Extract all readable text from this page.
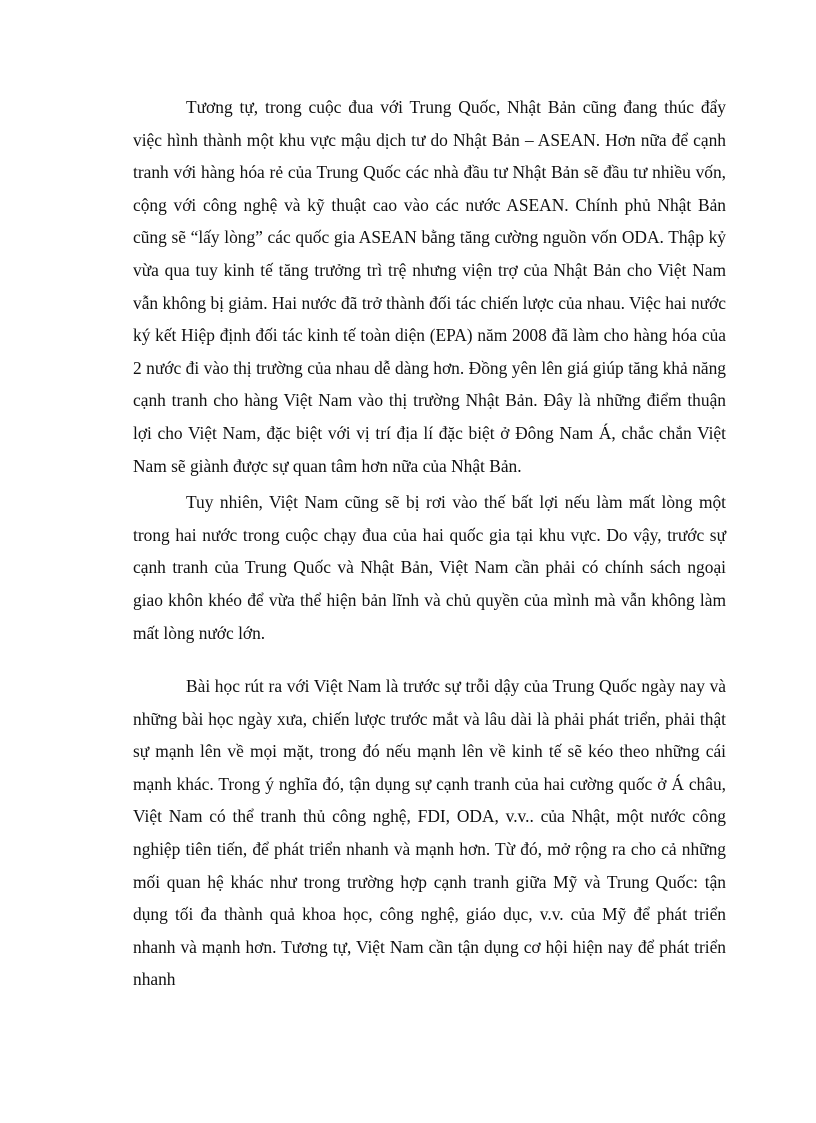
Tương tự, trong cuộc đua với Trung Quốc, Nhật Bản cũng đang thúc đẩy việc hình thành một khu vực mậu dịch tư do Nhật Bản – ASEAN. Hơn nữa để cạnh tranh với hàng hóa rẻ của Trung Quốc các nhà đầu tư Nhật Bản sẽ đầu tư nhiều vốn, cộng với công nghệ và kỹ thuật cao vào các nước ASEAN. Chính phủ Nhật Bản cũng sẽ “lấy lòng” các quốc gia ASEAN bằng tăng cường nguồn vốn ODA. Thập kỷ vừa qua tuy kinh tế tăng trưởng trì trệ nhưng viện trợ của Nhật Bản cho Việt Nam vẫn không bị giảm. Hai nước đã trở thành đối tác chiến lược của nhau. Việc hai nước ký kết Hiệp định đối tác kinh tế toàn diện (EPA) năm 2008 đã làm cho hàng hóa của 2 nước đi vào thị trường của nhau dễ dàng hơn. Đồng yên lên giá giúp tăng khả năng cạnh tranh cho hàng Việt Nam vào thị trường Nhật Bản. Đây là những điểm thuận lợi cho Việt Nam, đặc biệt với vị trí địa lí đặc biệt ở Đông Nam Á, chắc chắn Việt Nam sẽ giành được sự quan tâm hơn nữa của Nhật Bản.

Tuy nhiên, Việt Nam cũng sẽ bị rơi vào thế bất lợi nếu làm mất lòng một trong hai nước trong cuộc chạy đua của hai quốc gia tại khu vực. Do vậy, trước sự cạnh tranh của Trung Quốc và Nhật Bản, Việt Nam cần phải có chính sách ngoại giao khôn khéo để vừa thể hiện bản lĩnh và chủ quyền của mình mà vẫn không làm mất lòng nước lớn.

Bài học rút ra với Việt Nam là trước sự trỗi dậy của Trung Quốc ngày nay và những bài học ngày xưa, chiến lược trước mắt và lâu dài là phải phát triển, phải thật sự mạnh lên về mọi mặt, trong đó nếu mạnh lên về kinh tế sẽ kéo theo những cái mạnh khác. Trong ý nghĩa đó, tận dụng sự cạnh tranh của hai cường quốc ở Á châu, Việt Nam có thể tranh thủ công nghệ, FDI, ODA, v.v.. của Nhật, một nước công nghiệp tiên tiến, để phát triển nhanh và mạnh hơn. Từ đó, mở rộng ra cho cả những mối quan hệ khác như trong trường hợp cạnh tranh giữa Mỹ và Trung Quốc: tận dụng tối đa thành quả khoa học, công nghệ, giáo dục, v.v. của Mỹ để phát triển nhanh và mạnh hơn. Tương tự, Việt Nam cần tận dụng cơ hội hiện nay để phát triển nhanh
